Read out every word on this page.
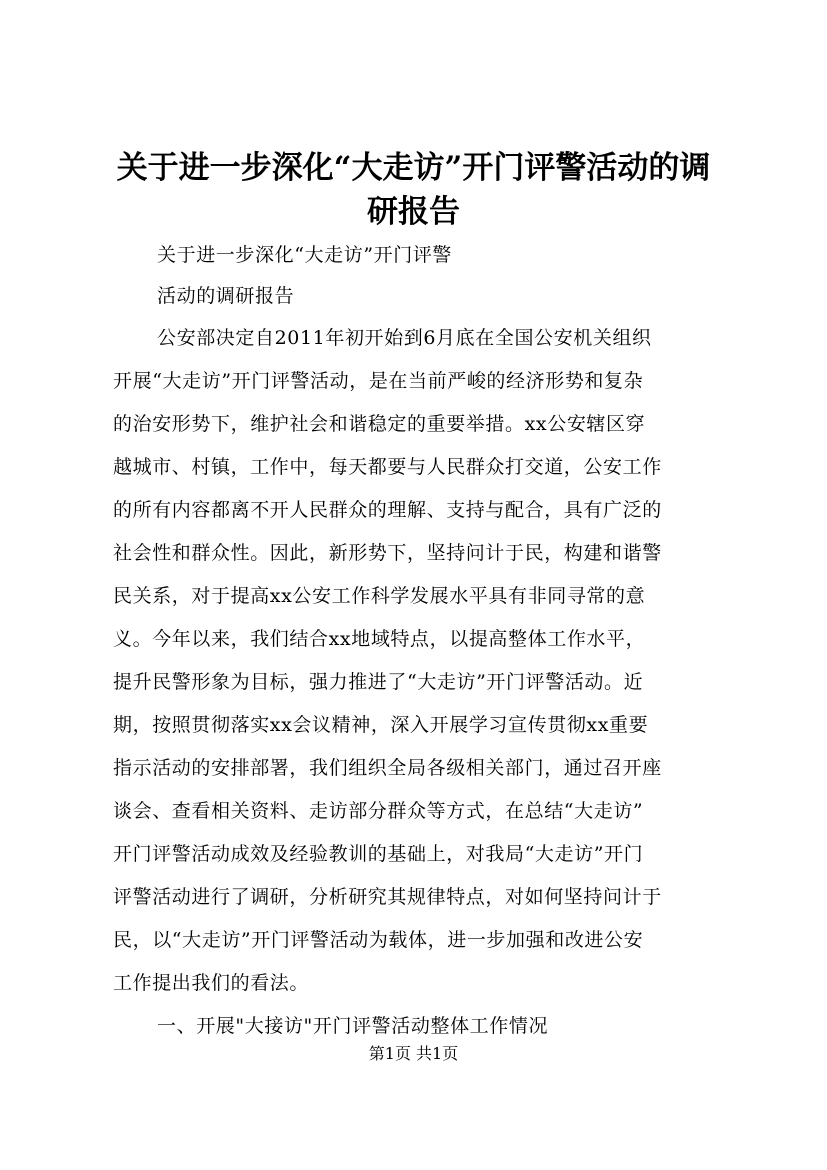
关于进一步深化“大走访”开门评警活动的调
研报告

关于进一步深化“大走访”开门评警

活动的调研报告

公安部决定自2011年初开始到6月底在全国公安机关组织

开展“大走访”开门评警活动，是在当前严峻的经济形势和复杂

的治安形势下，维护社会和谐稳定的重要举措。xx公安辖区穿

越城市、村镇，工作中，每天都要与人民群众打交道，公安工作

的所有内容都离不开人民群众的理解、支持与配合，具有广泛的

社会性和群众性。因此，新形势下，坚持问计于民，构建和谐警

民关系，对于提高xx公安工作科学发展水平具有非同寻常的意

义。今年以来，我们结合xx地域特点，以提高整体工作水平，

提升民警形象为目标，强力推进了“大走访”开门评警活动。近

期，按照贯彻落实xx会议精神，深入开展学习宣传贯彻xx重要

指示活动的安排部署，我们组织全局各级相关部门，通过召开座

谈会、查看相关资料、走访部分群众等方式，在总结“大走访”

开门评警活动成效及经验教训的基础上，对我局“大走访”开门

评警活动进行了调研，分析研究其规律特点，对如何坚持问计于

民，以“大走访”开门评警活动为载体，进一步加强和改进公安

工作提出我们的看法。

一、开展"大接访"开门评警活动整体工作情况

第1页 共1页
